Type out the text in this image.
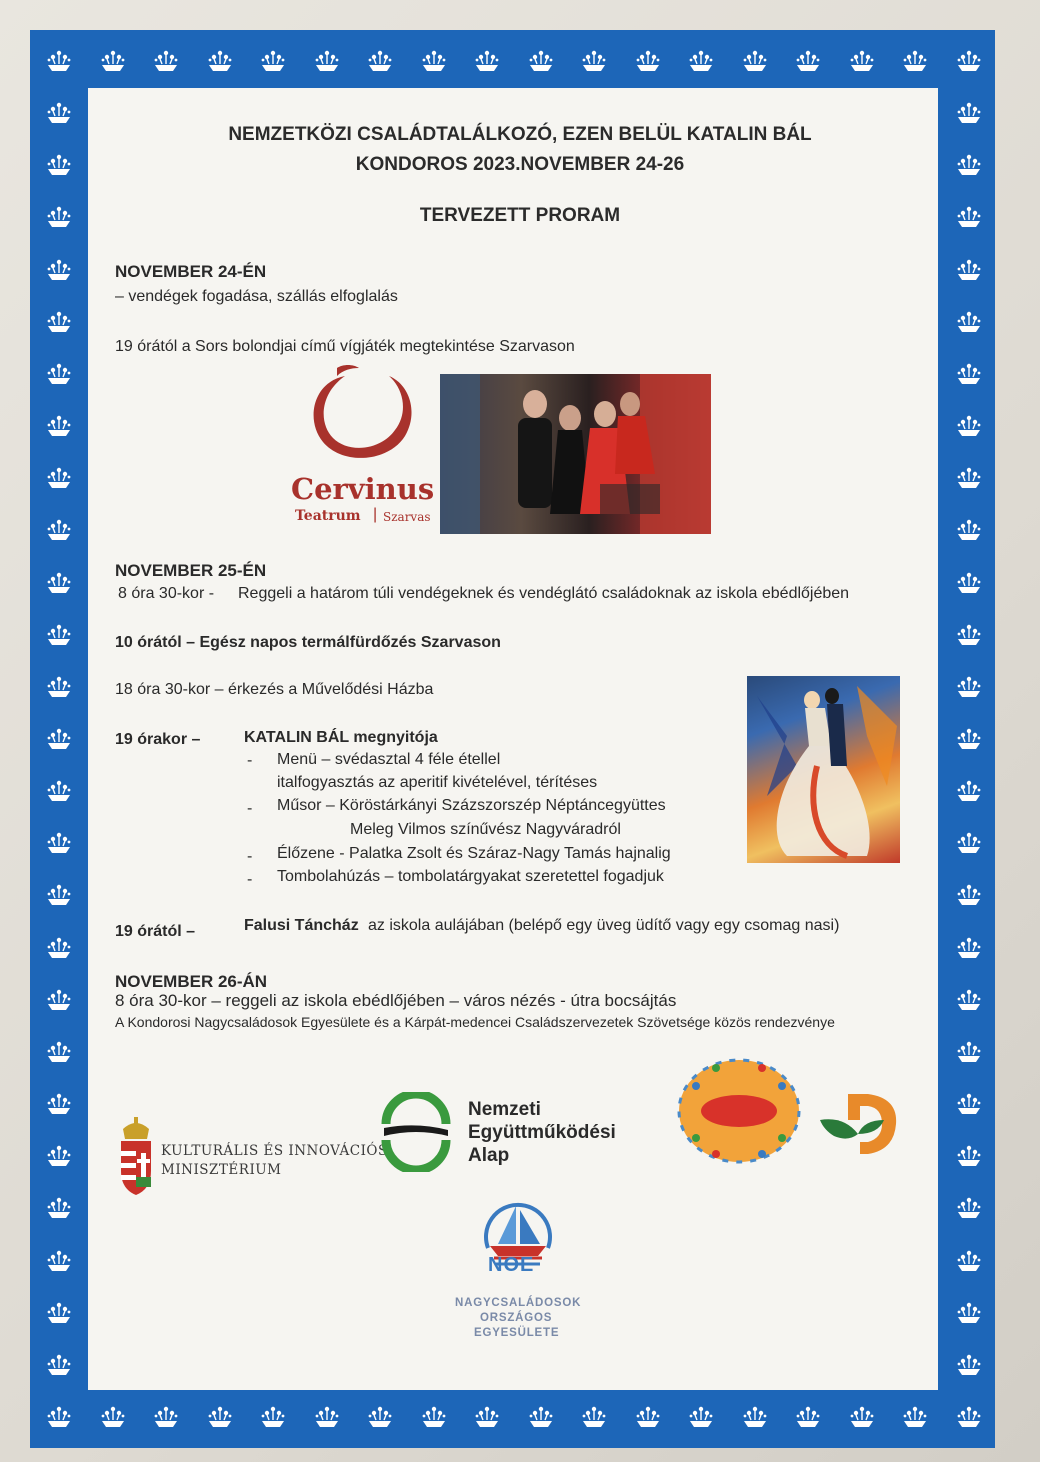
NEMZETKÖZI CSALÁDTALÁLKOZÓ, EZEN BELÜL KATALIN BÁL
KONDOROS 2023.NOVEMBER 24-26
TERVEZETT PRORAM
NOVEMBER 24-ÉN
– vendégek fogadása, szállás elfoglalás
19 órától a Sors bolondjai című vígjáték megtekintése Szarvason
Cervinus
Teatrum | Szarvas
NOVEMBER 25-ÉN
8 óra 30-kor - Reggeli a határom túli vendégeknek és vendéglátó családoknak az iskola ebédlőjében
10 órától – Egész napos termálfürdőzés Szarvason
18 óra 30-kor – érkezés a Művelődési Házba
19 órakor –	KATALIN BÁL megnyitója
- Menü – svédasztal 4 féle étellel
italfogyasztás az aperitif kivételével, térítéses
- Műsor – Köröstárkányi Százszorszép Néptáncegyüttes
Meleg Vilmos színűvész Nagyváradról
- Élőzene - Palatka Zsolt és Száraz-Nagy Tamás hajnalig
- Tombolahúzás – tombolatárgyakat szeretettel fogadjuk
19 órától –	Falusi Táncház az iskola aulájában (belépő egy üveg üdítő vagy egy csomag nasi)
NOVEMBER 26-ÁN
8 óra 30-kor – reggeli az iskola ebédlőjében – város nézés - útra bocsájtás
A Kondorosi Nagycsaládosok Egyesülete és a Kárpát-medencei Családszervezetek Szövetsége közös rendezvénye
KULTURÁLIS ÉS INNOVÁCIÓS
MINISZTÉRIUM
Nemzeti
Együttműködési
Alap
NOE
NAGYCSALÁDOSOK
ORSZÁGOS
EGYESÜLETE
